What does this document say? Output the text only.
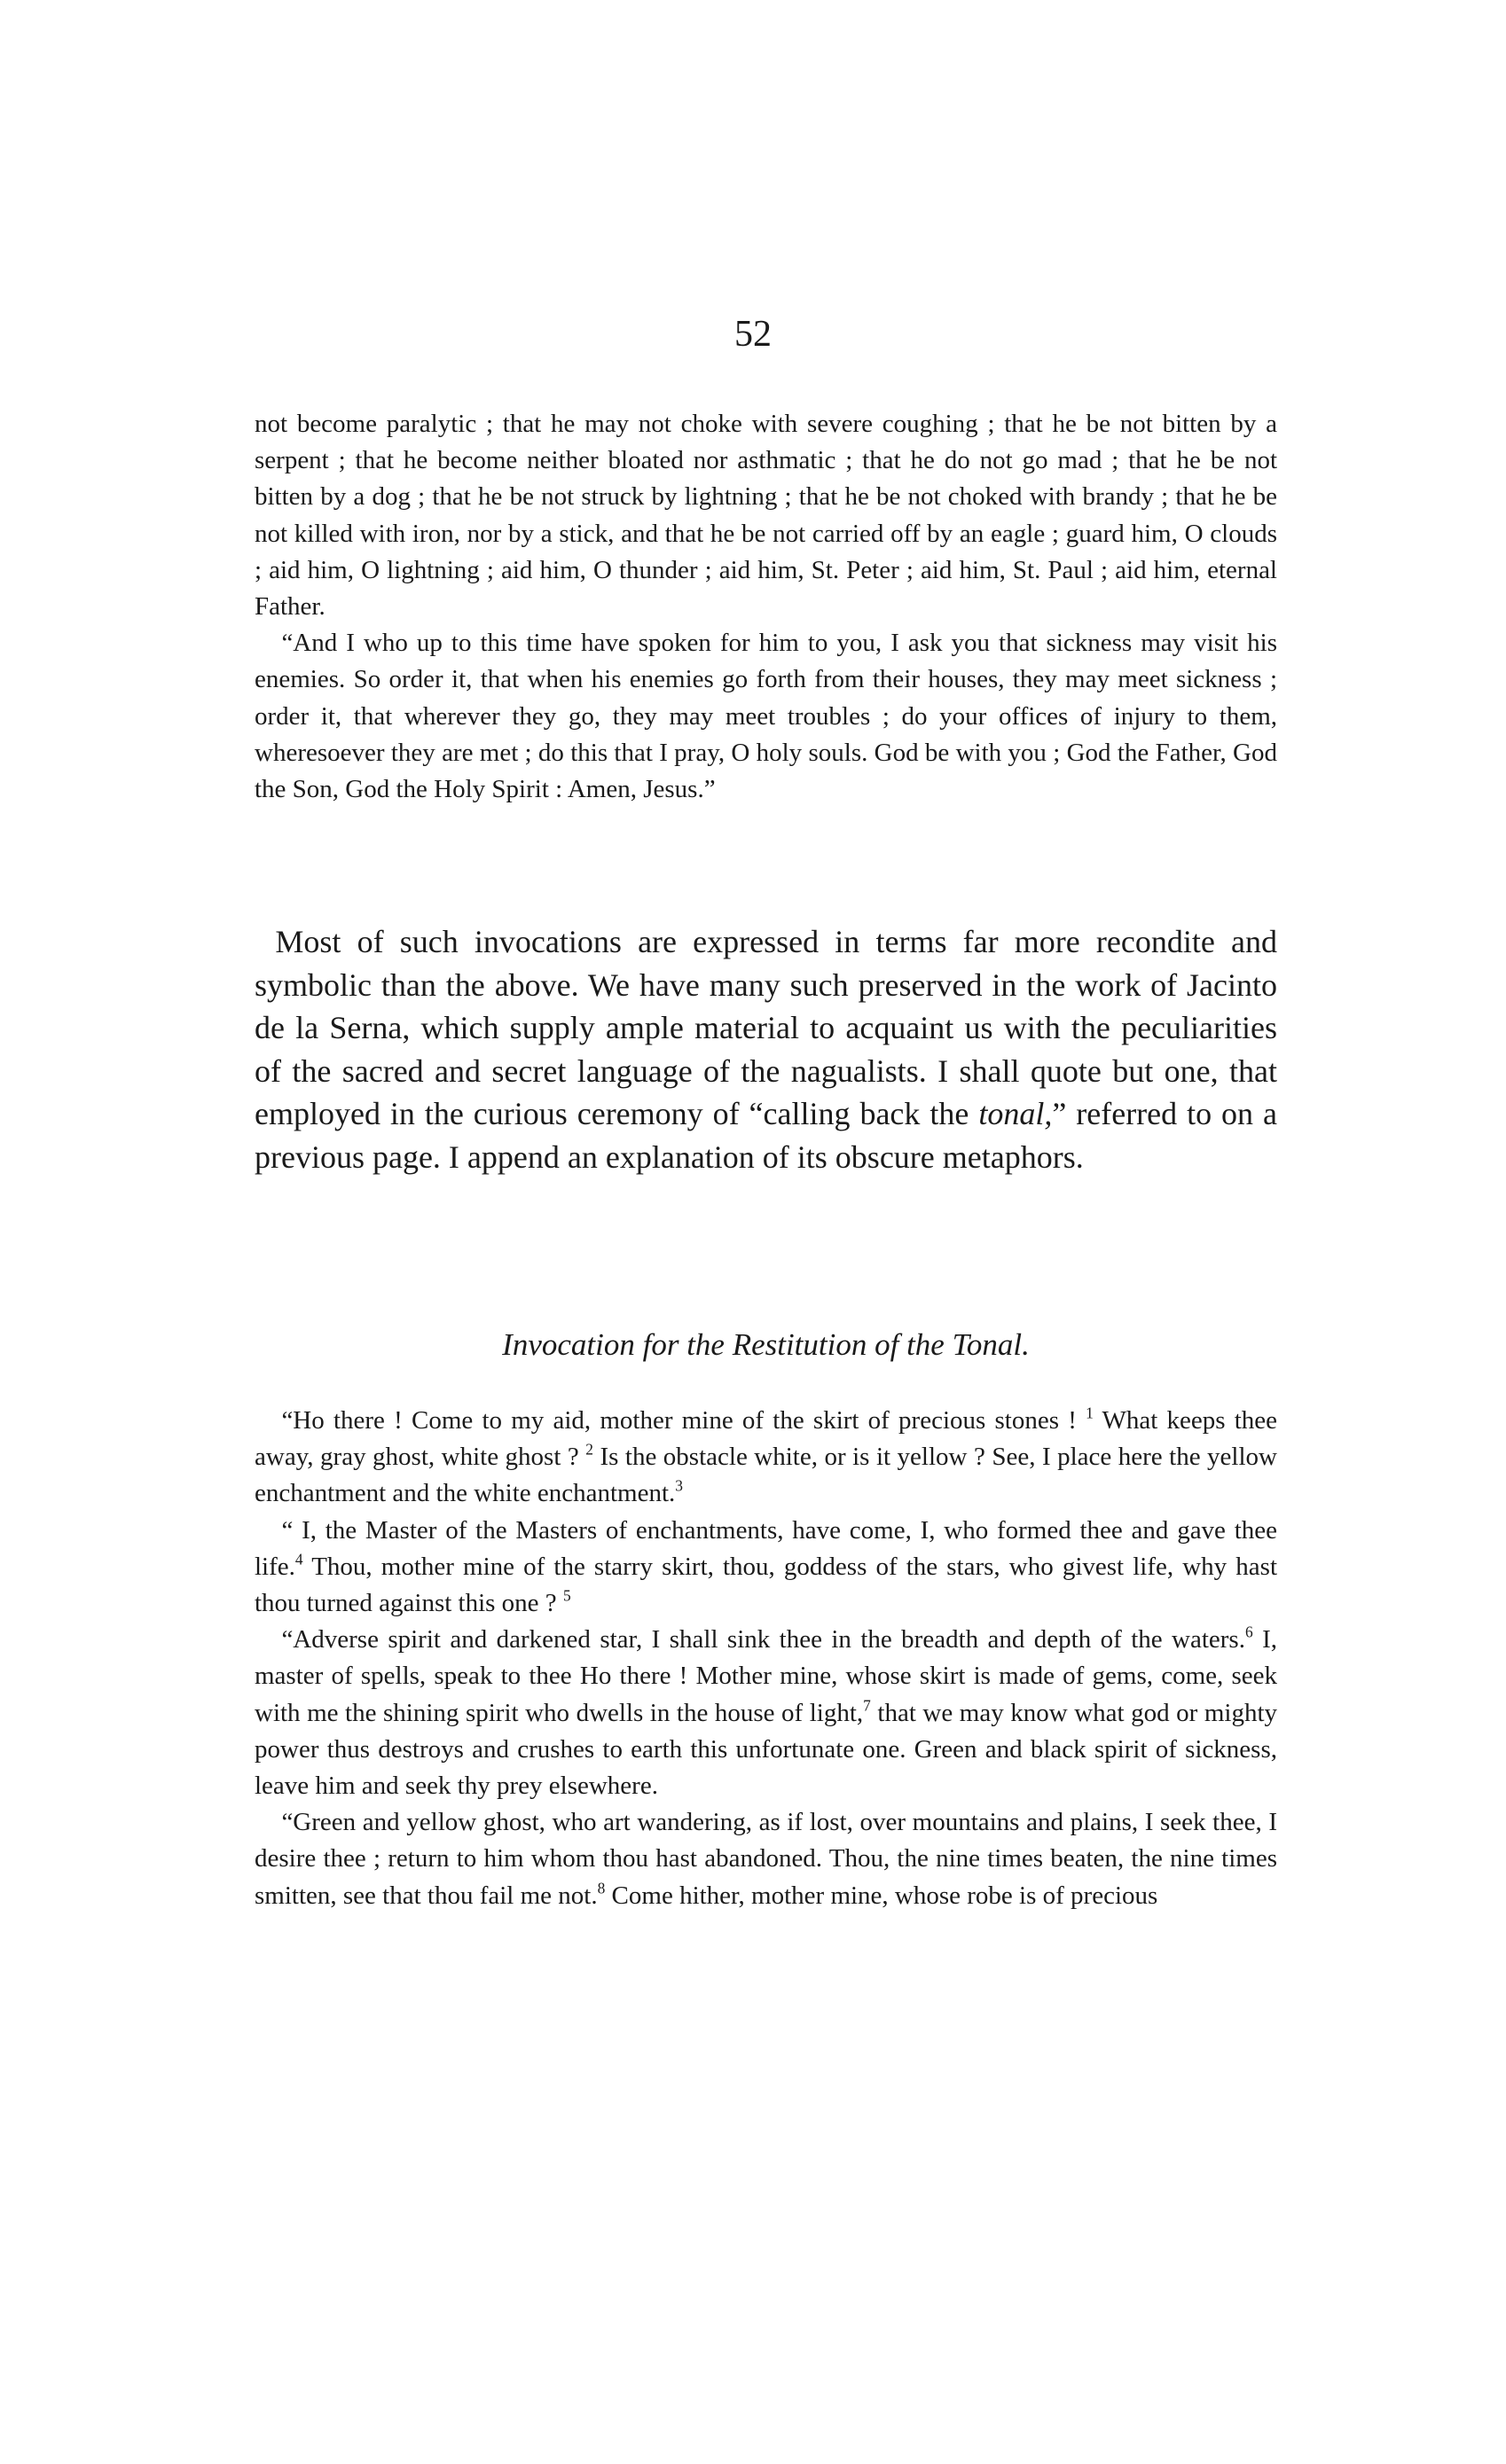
52

not become paralytic ; that he may not choke with severe coughing ; that he be not bitten by a serpent ; that he become neither bloated nor asthmatic ; that he do not go mad ; that he be not bitten by a dog ; that he be not struck by lightning ; that he be not choked with brandy ; that he be not killed with iron, nor by a stick, and that he be not carried off by an eagle ; guard him, O clouds ; aid him, O lightning ; aid him, O thunder ; aid him, St. Peter ; aid him, St. Paul ; aid him, eternal Father.

“And I who up to this time have spoken for him to you, I ask you that sickness may visit his enemies. So order it, that when his enemies go forth from their houses, they may meet sickness ; order it, that wherever they go, they may meet troubles ; do your offices of injury to them, wheresoever they are met ; do this that I pray, O holy souls. God be with you ; God the Father, God the Son, God the Holy Spirit : Amen, Jesus.”

Most of such invocations are expressed in terms far more recondite and symbolic than the above. We have many such preserved in the work of Jacinto de la Serna, which supply ample material to acquaint us with the peculiarities of the sacred and secret language of the nagualists. I shall quote but one, that employed in the curious ceremony of “calling back the tonal,” referred to on a previous page. I append an explanation of its obscure metaphors.

Invocation for the Restitution of the Tonal.

“Ho there ! Come to my aid, mother mine of the skirt of precious stones ! $^1$ What keeps thee away, gray ghost, white ghost ? $^2$ Is the obstacle white, or is it yellow ? See, I place here the yellow enchantment and the white enchantment.$^3$

“ I, the Master of the Masters of enchantments, have come, I, who formed thee and gave thee life.$^4$ Thou, mother mine of the starry skirt, thou, goddess of the stars, who givest life, why hast thou turned against this one ? $^5$

“Adverse spirit and darkened star, I shall sink thee in the breadth and depth of the waters.$^6$ I, master of spells, speak to thee Ho there ! Mother mine, whose skirt is made of gems, come, seek with me the shining spirit who dwells in the house of light,$^7$ that we may know what god or mighty power thus destroys and crushes to earth this unfortunate one. Green and black spirit of sickness, leave him and seek thy prey elsewhere.

“Green and yellow ghost, who art wandering, as if lost, over mountains and plains, I seek thee, I desire thee ; return to him whom thou hast abandoned. Thou, the nine times beaten, the nine times smitten, see that thou fail me not.$^8$ Come hither, mother mine, whose robe is of precious
